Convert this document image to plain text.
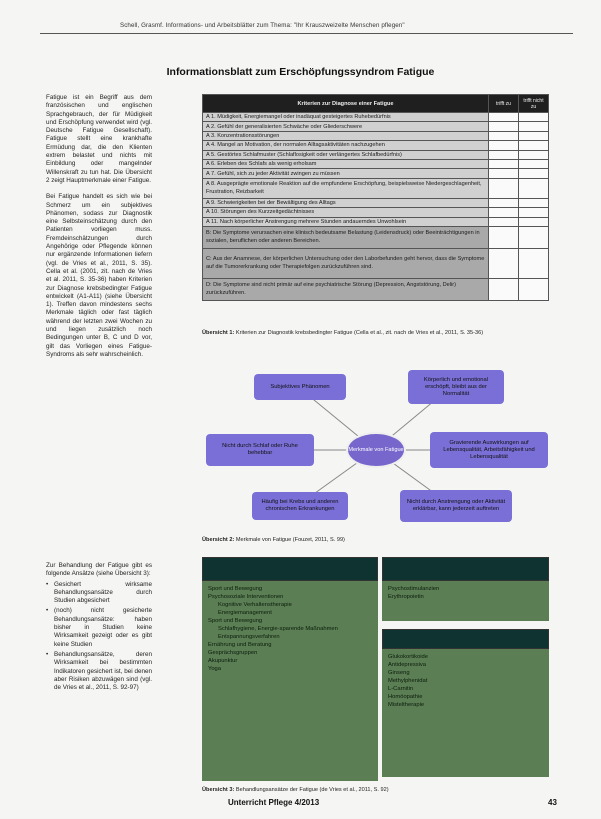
Schell, Grasmf. Informations- und Arbeitsblätter zum Thema: "Ihr Krauszweizelte Menschen pflegen"
Informationsblatt zum Erschöpfungssyndrom Fatigue

Fatigue ist ein Begriff aus dem französischen und englischen Sprachgebrauch, der für Müdigkeit und Erschöpfung verwendet wird (vgl. Deutsche Fatigue Gesellschaft). Fatigue stellt eine krankhafte Ermüdung dar, die den Klienten extrem belastet und nichts mit Einbildung oder mangelnder Willenskraft zu tun hat. Die Übersicht 2 zeigt Hauptmerkmale einer Fatigue.

Bei Fatigue handelt es sich wie bei Schmerz um ein subjektives Phänomen, sodass zur Diagnostik eine Selbsteinschätzung durch den Patienten vorliegen muss. Fremdeinschätzungen durch Angehörige oder Pflegende können nur ergänzende Informationen liefern (vgl. de Vries et al., 2011, S. 35). Cella et al. (2001, zit. nach de Vries et al. 2011, S. 35-36) haben Kriterien zur Diagnose krebsbedingter Fatigue entwickelt (A1-A11) (siehe Übersicht 1). Treffen davon mindestens sechs Merkmale täglich oder fast täglich während der letzten zwei Wochen zu und liegen zusätzlich noch Bedingungen unter B, C und D vor, gilt das Vorliegen eines Fatigue-Syndroms als sehr wahrscheinlich.

Zur Behandlung der Fatigue gibt es folgende Ansätze (siehe Übersicht 3):

• Gesichert wirksame Behandlungsansätze durch Studien abgesichert
• (noch) nicht gesicherte Behandlungsansätze: haben bisher in Studien keine Wirksamkeit gezeigt oder es gibt keine Studien
• Behandlungsansätze, deren Wirksamkeit bei bestimmten Indikatoren gesichert ist, bei denen aber Risiken abzuwägen sind (vgl. de Vries et al., 2011, S. 92-97)
Kriterien zur Diagnose einer Fatigue	trifft zu	trifft nicht zu
A 1. Müdigkeit, Energiemangel oder inadäquat gesteigertes Ruhebedürfnis		
A 2. Gefühl der generalisierten Schwäche oder Gliederschwere		
A 3. Konzentrationsstörungen		
A 4. Mangel an Motivation, der normalen Alltagsaktivitäten nachzugehen		
A 5. Gestörtes Schlafmuster (Schlaflosigkeit oder verlängertes Schlafbedürfnis)		
A 6. Erleben des Schlafs als wenig erholsam		
A 7. Gefühl, sich zu jeder Aktivität zwingen zu müssen		
A 8. Ausgeprägte emotionale Reaktion auf die empfundene Erschöpfung, beispielsweise Niedergeschlagenheit, Frustration, Reizbarkeit		
A 9. Schwierigkeiten bei der Bewältigung des Alltags		
A 10. Störungen des Kurzzeitgedächtnisses		
A 11. Nach körperlicher Anstrengung mehrere Stunden andauerndes Unwohlsein		
B: Die Symptome verursachen eine klinisch bedeutsame Belastung (Leidensdruck) oder Beeinträchtigungen in sozialen, beruflichen oder anderen Bereichen.		
C: Aus der Anamnese, der körperlichen Untersuchung oder den Laborbefunden geht hervor, dass die Symptome auf die Tumorerkrankung oder Therapiefolgen zurückzuführen sind.		
D: Die Symptome sind nicht primär auf eine psychiatrische Störung (Depression, Angststörung, Delir) zurückzuführen.		
Übersicht 1: Kriterien zur Diagnostik krebsbedingter Fatigue (Cella et al., zit. nach de Vries et al., 2011, S. 35-36)
Subjektives Phänomen
Körperlich und emotional erschöpft, bleibt aus der Normalität
Nicht durch Schlaf oder Ruhe behebbar
Gravierende Auswirkungen auf Lebensqualität, Arbeitsfähigkeit und Lebensqualität
Häufig bei Krebs und anderen chronischen Erkrankungen
Nicht durch Anstrengung oder Aktivität erklärbar, kann jederzeit auftreten
Merkmale von Fatigue
Übersicht 2: Merkmale von Fatigue (Fouzet, 2011, S. 99)
Sport und Bewegung
Psychosoziale Interventionen
Kognitive Verhaltenstherapie
Energiemanagement
Sport und Bewegung
Schlafhygiene, Energie-sparende Maßnahmen
Entspannungsverfahren
Ernährung und Beratung
Gesprächsgruppen
Akupunktur
Yoga
Psychostimulanzien
Erythropoietin
Glukokortikoide
Antidepressiva
Ginseng
Methylphenidat
L-Carnitin
Homöopathie
Misteltherapie
Übersicht 3: Behandlungsansätze der Fatigue (de Vries et al., 2011, S. 92)
Unterricht Pflege 4/2013	43
